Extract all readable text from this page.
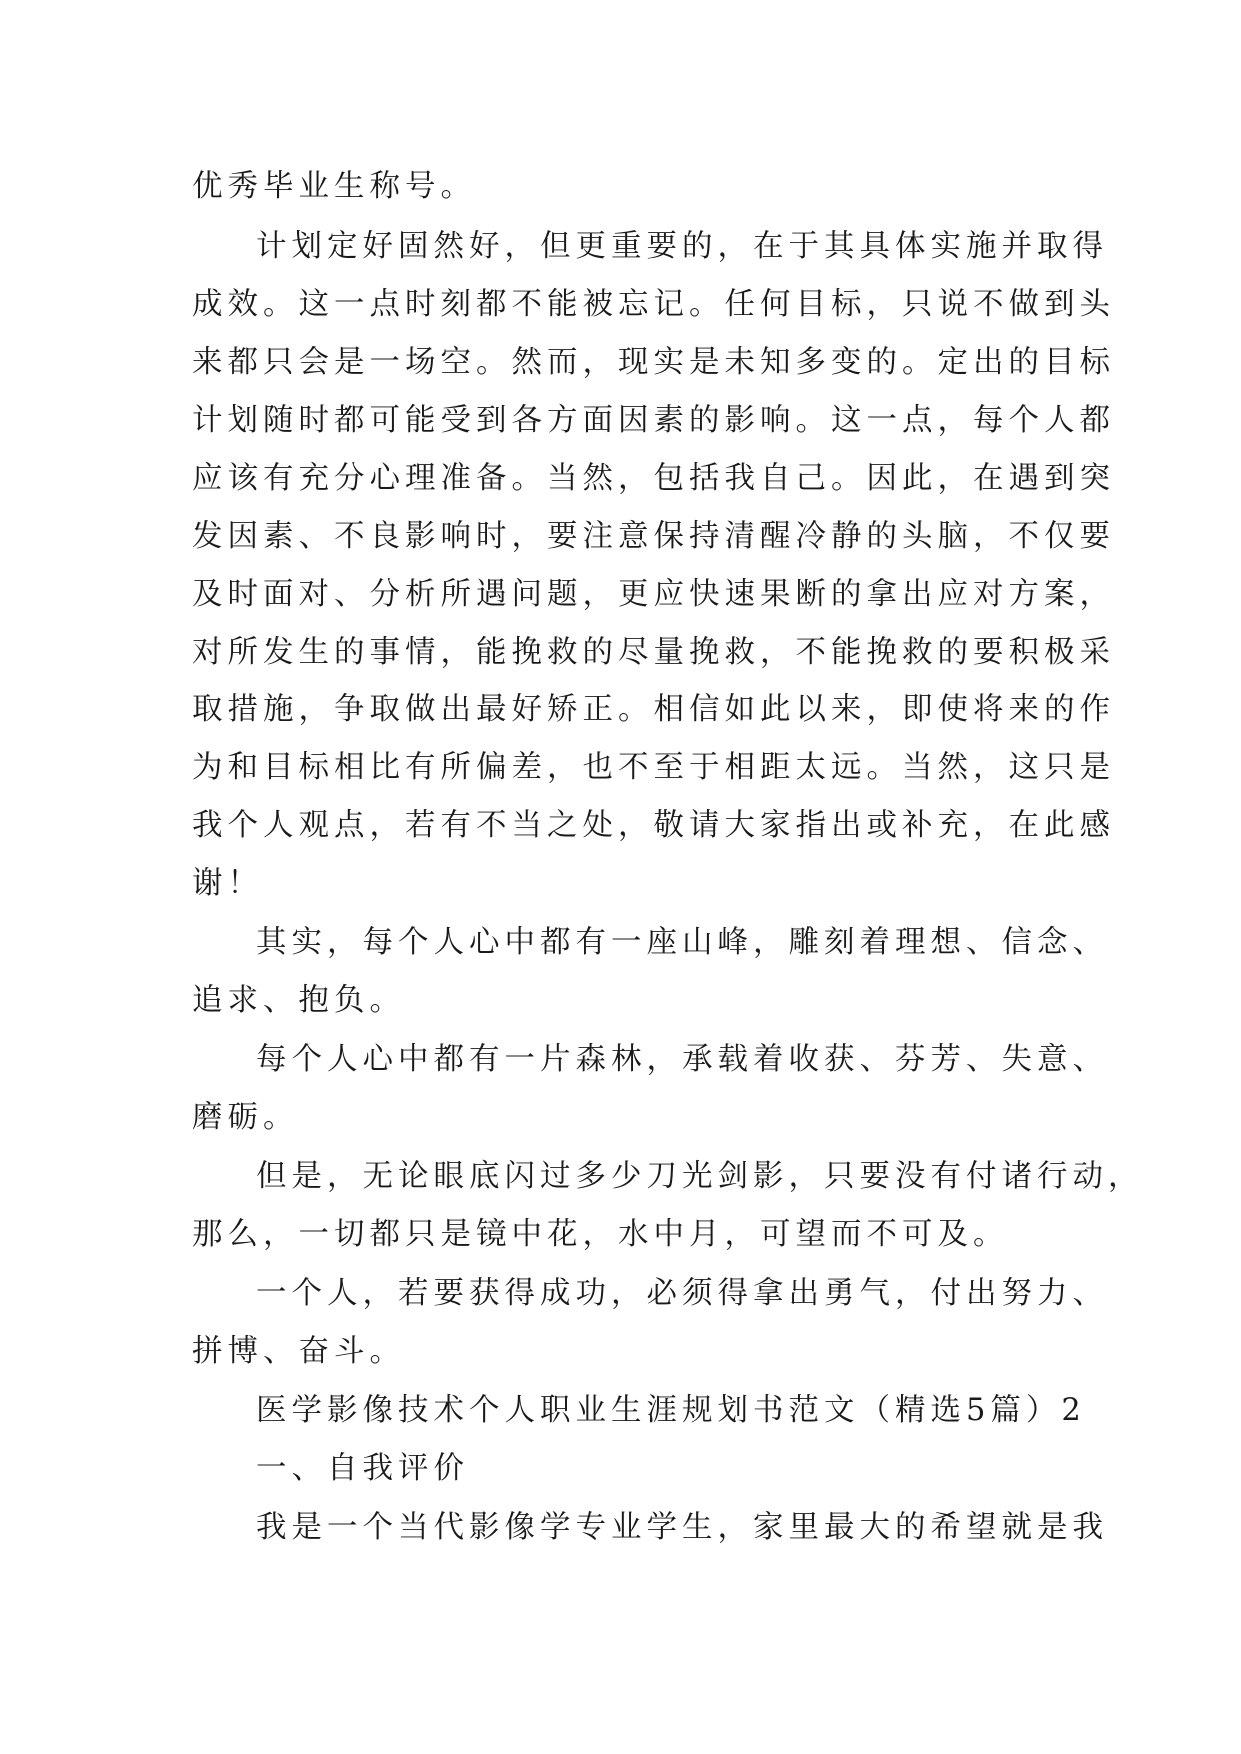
优秀毕业生称号。

计划定好固然好，但更重要的，在于其具体实施并取得

成效。这一点时刻都不能被忘记。任何目标，只说不做到头

来都只会是一场空。然而，现实是未知多变的。定出的目标

计划随时都可能受到各方面因素的影响。这一点，每个人都

应该有充分心理准备。当然，包括我自己。因此，在遇到突

发因素、不良影响时，要注意保持清醒冷静的头脑，不仅要

及时面对、分析所遇问题，更应快速果断的拿出应对方案，

对所发生的事情，能挽救的尽量挽救，不能挽救的要积极采

取措施，争取做出最好矫正。相信如此以来，即使将来的作

为和目标相比有所偏差，也不至于相距太远。当然，这只是

我个人观点，若有不当之处，敬请大家指出或补充，在此感

谢！

其实，每个人心中都有一座山峰，雕刻着理想、信念、

追求、抱负。

每个人心中都有一片森林，承载着收获、芬芳、失意、

磨砺。

但是，无论眼底闪过多少刀光剑影，只要没有付诸行动，

那么，一切都只是镜中花，水中月，可望而不可及。

一个人，若要获得成功，必须得拿出勇气，付出努力、

拼博、奋斗。

医学影像技术个人职业生涯规划书范文（精选5篇）2

一、自我评价

我是一个当代影像学专业学生，家里最大的希望就是我
